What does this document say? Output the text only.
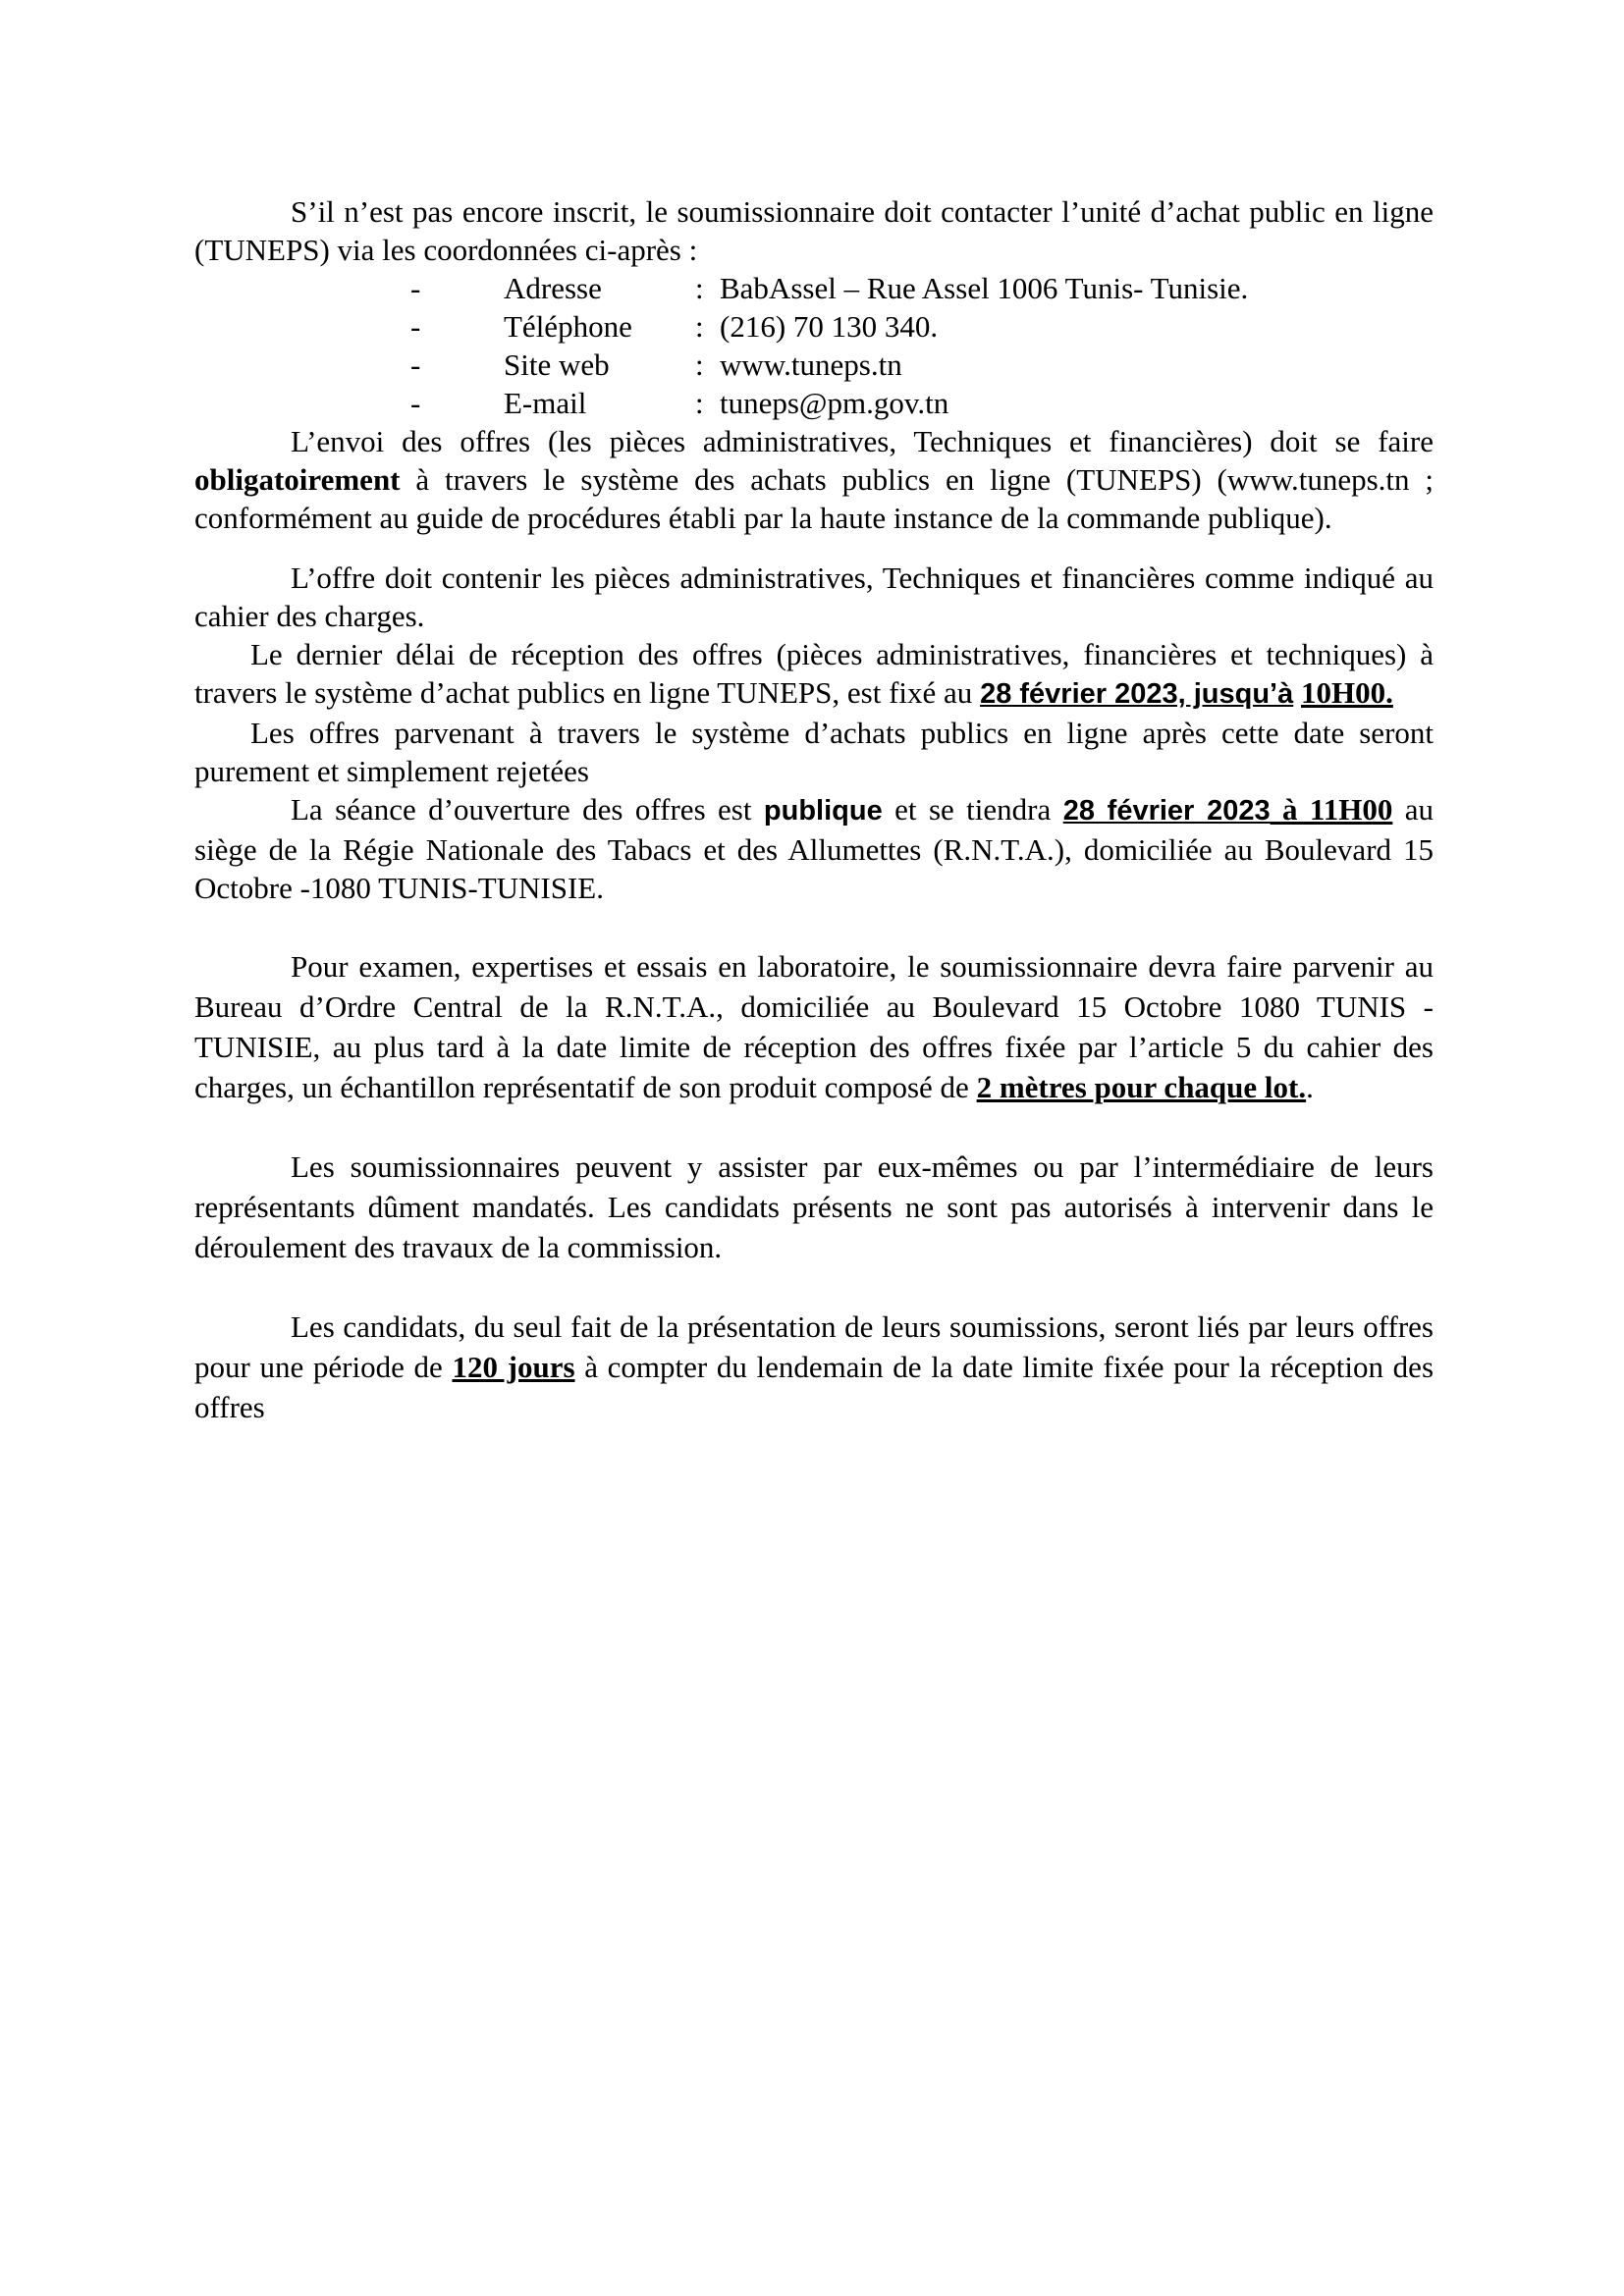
S’il n’est pas encore inscrit, le soumissionnaire doit contacter l’unité d’achat public en ligne (TUNEPS) via les coordonnées ci-après :

-	Adresse	: BabAssel – Rue Assel 1006 Tunis- Tunisie.
-	Téléphone	: (216) 70 130 340.
-	Site web	: www.tuneps.tn
-	E-mail	: tuneps@pm.gov.tn

L’envoi des offres (les pièces administratives, Techniques et financières) doit se faire obligatoirement à travers le système des achats publics en ligne (TUNEPS) (www.tuneps.tn ; conformément au guide de procédures établi par la haute instance de la commande publique).

L’offre doit contenir les pièces administratives, Techniques et financières comme indiqué au cahier des charges.

Le dernier délai de réception des offres (pièces administratives, financières et techniques) à travers le système d’achat publics en ligne TUNEPS, est fixé au 28 février 2023, jusqu’à 10H00.

Les offres parvenant à travers le système d’achats publics en ligne après cette date seront purement et simplement rejetées

La séance d’ouverture des offres est publique et se tiendra 28 février 2023 à 11H00 au siège de la Régie Nationale des Tabacs et des Allumettes (R.N.T.A.), domiciliée au Boulevard 15 Octobre -1080 TUNIS-TUNISIE.

Pour examen, expertises et essais en laboratoire, le soumissionnaire devra faire parvenir au Bureau d’Ordre Central de la R.N.T.A., domiciliée au Boulevard 15 Octobre 1080 TUNIS - TUNISIE, au plus tard à la date limite de réception des offres fixée par l’article 5 du cahier des charges, un échantillon représentatif de son produit composé de 2 mètres pour chaque lot..

Les soumissionnaires peuvent y assister par eux-mêmes ou par l’intermédiaire de leurs représentants dûment mandatés. Les candidats présents ne sont pas autorisés à intervenir dans le déroulement des travaux de la commission.

Les candidats, du seul fait de la présentation de leurs soumissions, seront liés par leurs offres pour une période de 120 jours à compter du lendemain de la date limite fixée pour la réception des offres
